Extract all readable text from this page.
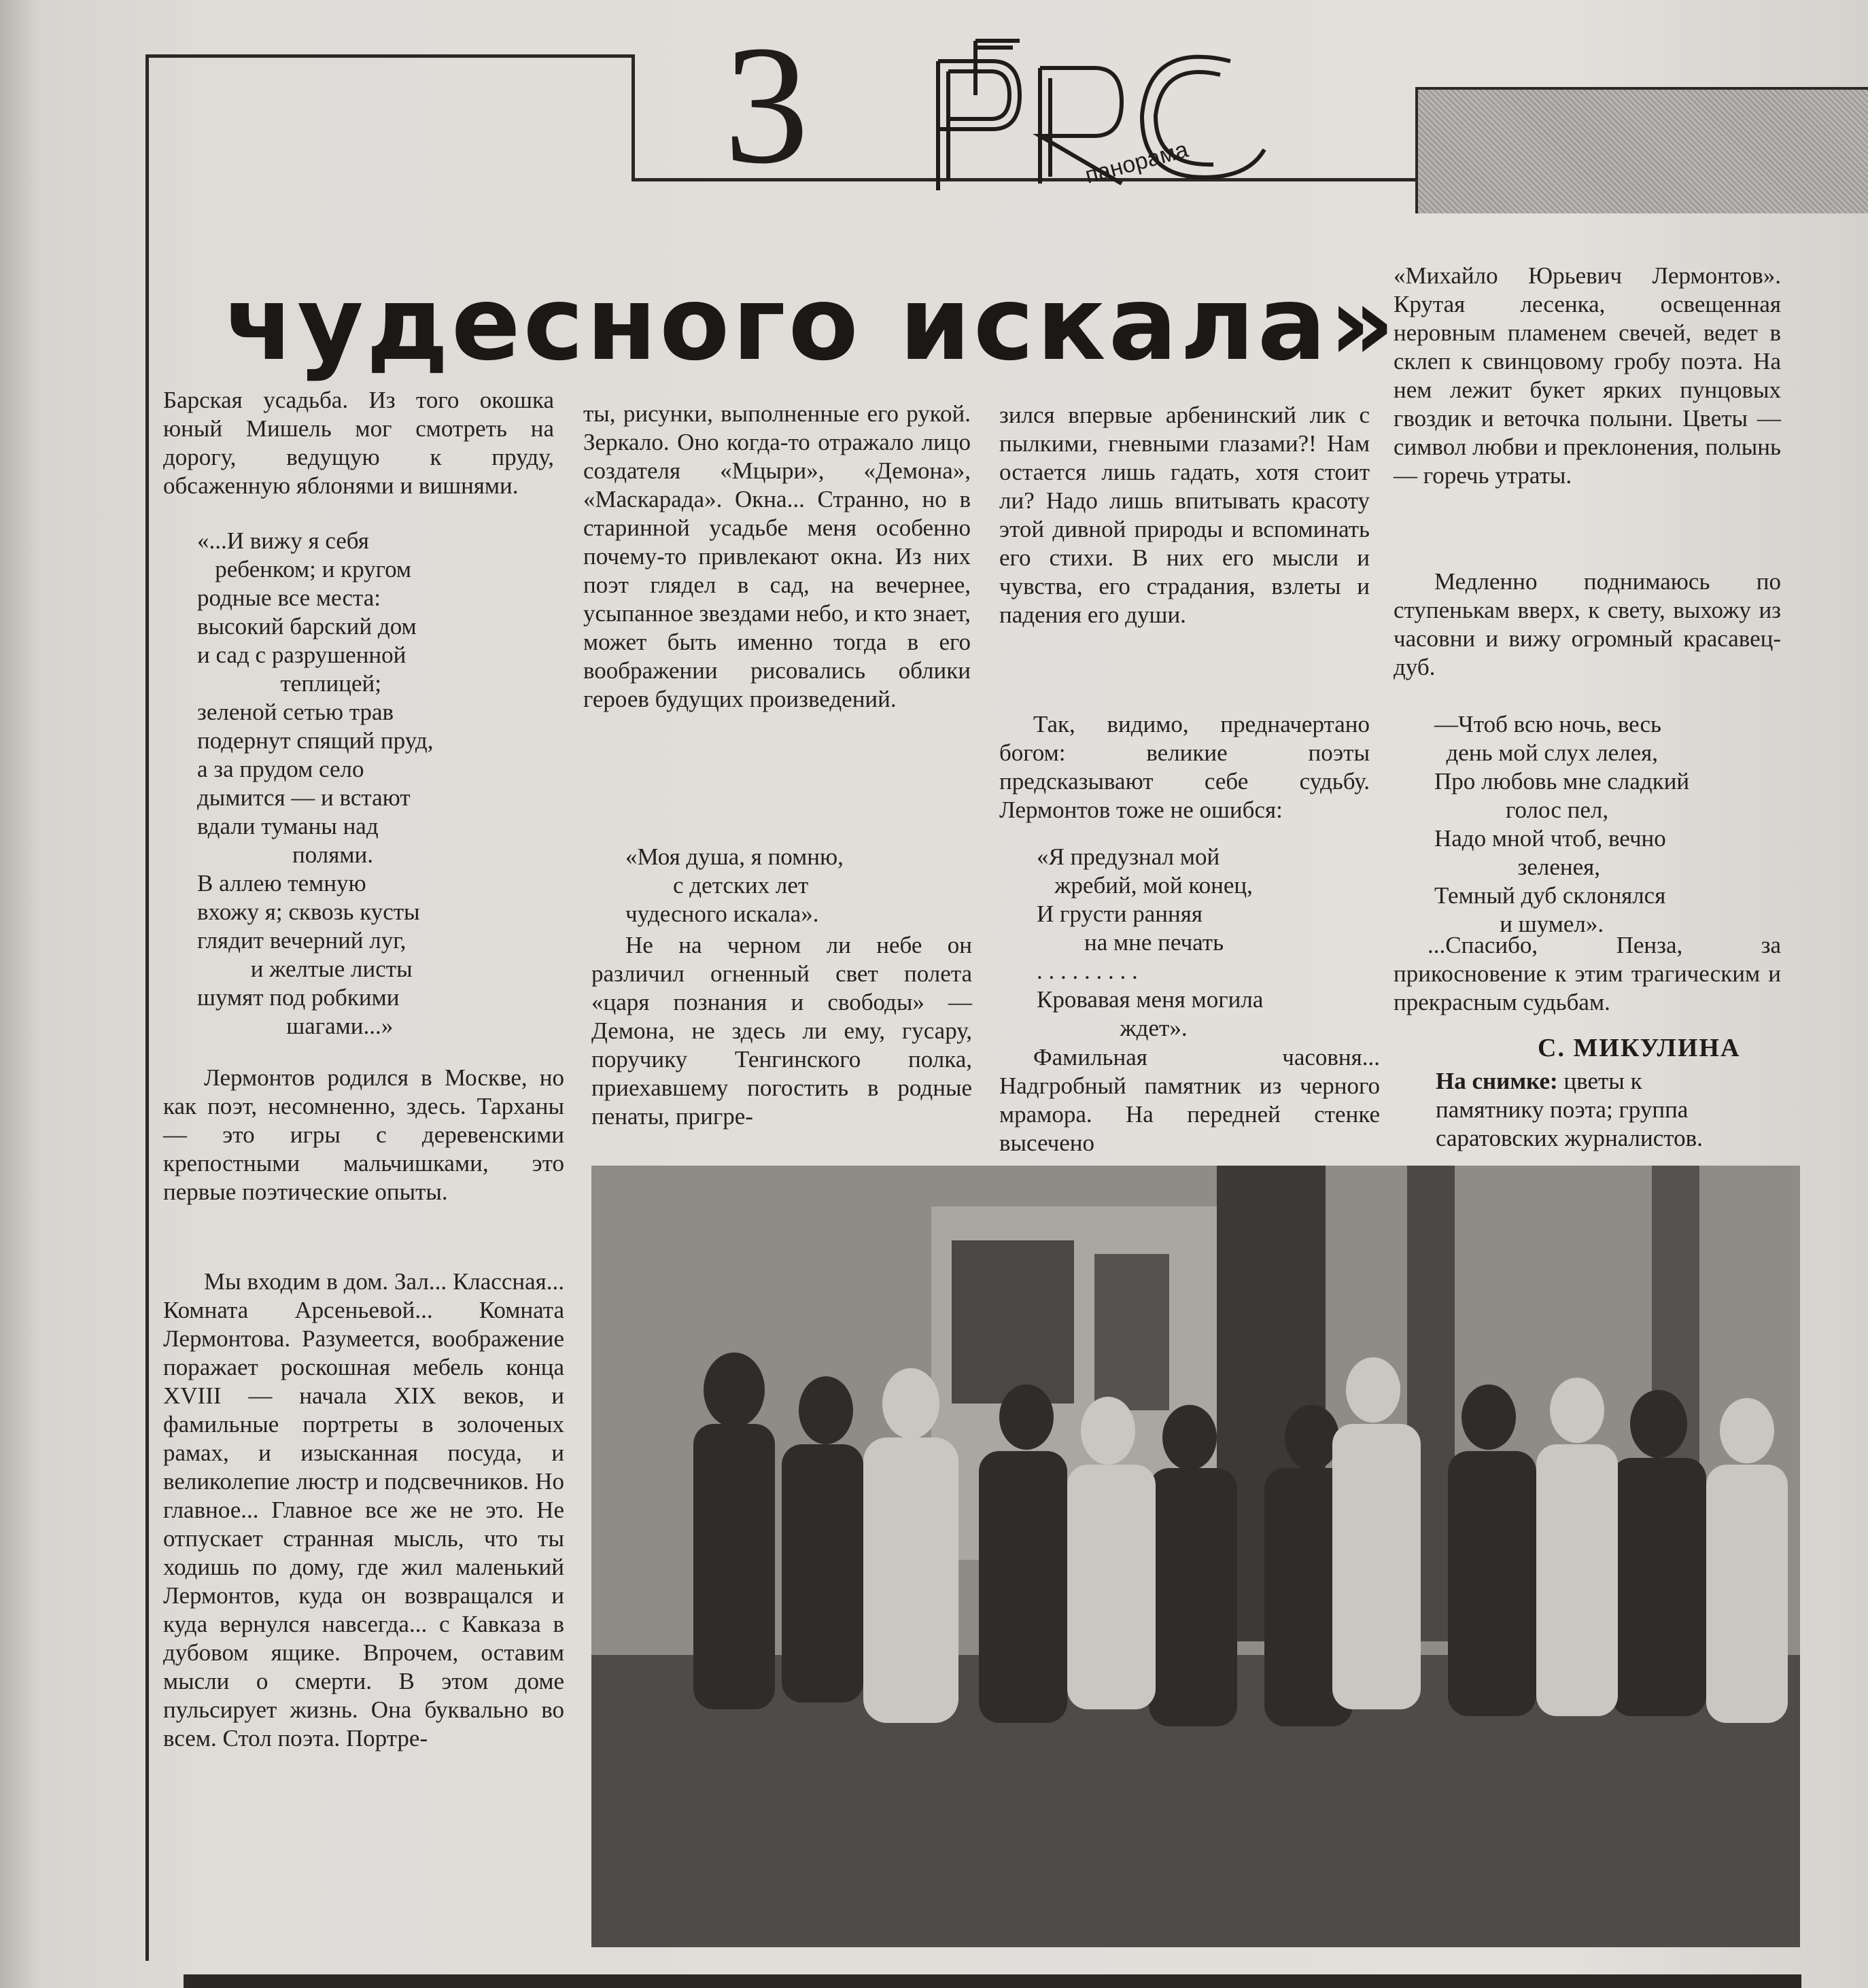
3	панорама
чудесного искала»
Барская усадьба. Из того окошка юный Мишель мог смотреть на дорогу, ведущую к пруду, обсаженную яблонями и вишнями.
«...И вижу я себя
ребенком; и кругом
родные все места:
высокий барский дом
и сад с разрушенной
теплицей;
зеленой сетью трав
подернут спящий пруд,
а за прудом село
дымится — и встают
вдали туманы над
полями.
В аллею темную
вхожу я; сквозь кусты
глядит вечерний луг,
и желтые листы
шумят под робкими
шагами...»
Лермонтов родился в Москве, но как поэт, несомненно, здесь. Тарханы — это игры с деревенскими крепостными мальчишками, это первые поэтические опыты.
Мы входим в дом. Зал... Классная... Комната Арсеньевой... Комната Лермонтова. Разумеется, воображение поражает роскошная мебель конца XVIII — начала XIX веков, и фамильные портреты в золоченых рамах, и изысканная посуда, и великолепие люстр и подсвечников. Но главное... Главное все же не это. Не отпускает странная мысль, что ты ходишь по дому, где жил маленький Лермонтов, куда он возвращался и куда вернулся навсегда... с Кавказа в дубовом ящике. Впрочем, оставим мысли о смерти. В этом доме пульсирует жизнь. Она буквально во всем. Стол поэта. Портре-
ты, рисунки, выполненные его рукой. Зеркало. Оно когда-то отражало лицо создателя «Мцыри», «Демона», «Маскарада». Окна... Странно, но в старинной усадьбе меня особенно почему-то привлекают окна. Из них поэт глядел в сад, на вечернее, усыпанное звездами небо, и кто знает, может быть именно тогда в его воображении рисовались облики героев будущих произведений.
«Моя душа, я помню,
с детских лет
чудесного искала».
Не на черном ли небе он различил огненный свет полета «царя познания и свободы» — Демона, не здесь ли ему, гусару, поручику Тенгинского полка, приехавшему погостить в родные пенаты, пригре-
зился впервые арбенинский лик с пылкими, гневными глазами?! Нам остается лишь гадать, хотя стоит ли? Надо лишь впитывать красоту этой дивной природы и вспоминать его стихи. В них его мысли и чувства, его страдания, взлеты и падения его души.
Так, видимо, предначертано богом: великие поэты предсказывают себе судьбу. Лермонтов тоже не ошибся:
«Я предузнал мой
жребий, мой конец,
И грусти ранняя
на мне печать
. . . . . . . . .
Кровавая меня могила
ждет».
Фамильная часовня... Надгробный памятник из черного мрамора. На передней стенке высечено
«Михайло Юрьевич Лермонтов». Крутая лесенка, освещенная неровным пламенем свечей, ведет в склеп к свинцовому гробу поэта. На нем лежит букет ярких пунцовых гвоздик и веточка полыни. Цветы — символ любви и преклонения, полынь — горечь утраты.
Медленно поднимаюсь по ступенькам вверх, к свету, выхожу из часовни и вижу огромный красавец-дуб.
—Чтоб всю ночь, весь
день мой слух лелея,
Про любовь мне сладкий
голос пел,
Надо мной чтоб, вечно
зеленея,
Темный дуб склонялся
и шумел».
...Спасибо, Пенза, за прикосновение к этим трагическим и прекрасным судьбам.
С. МИКУЛИНА
На снимке: цветы к памятнику поэта; группа саратовских журналистов.
